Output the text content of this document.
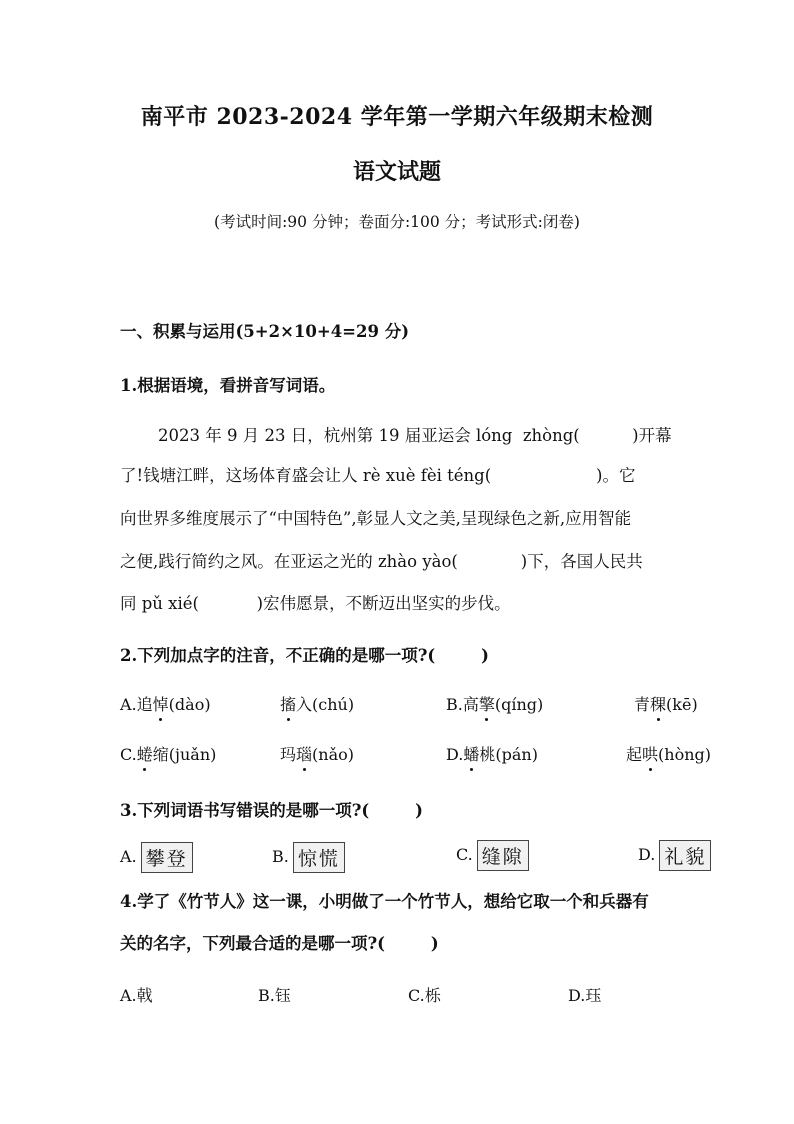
南平市 2023-2024 学年第一学期六年级期末检测
语文试题
(考试时间:90 分钟；卷面分:100 分；考试形式:闭卷)
一、积累与运用(5+2×10+4=29 分)
1.根据语境，看拼音写词语。
2023 年 9 月 23 日，杭州第 19 届亚运会 lóng  zhòng(          )开幕
了!钱塘江畔，这场体育盛会让人 rè xuè fèi téng(                    )。它
向世界多维度展示了“中国特色”,彰显人文之美,呈现绿色之新,应用智能
之便,践行简约之风。在亚运之光的 zhào yào(            )下，各国人民共
同 pǔ xié(           )宏伟愿景，不断迈出坚实的步伐。
2.下列加点字的注音，不正确的是哪一项?(        )
A.追悼(dào)	搐入(chú)	B.高擎(qíng)	青稞(kē)
C.蜷缩(juǎn)	玛瑙(nǎo)	D.蟠桃(pán)	起哄(hòng)
3.下列词语书写错误的是哪一项?(        )
A. 攀登	B. 惊慌	C. 缝隙	D. 礼貌
4.学了《竹节人》这一课，小明做了一个竹节人，想给它取一个和兵器有
关的名字，下列最合适的是哪一项?(        )
A.戟	B.钰	C.栎	D.珏
